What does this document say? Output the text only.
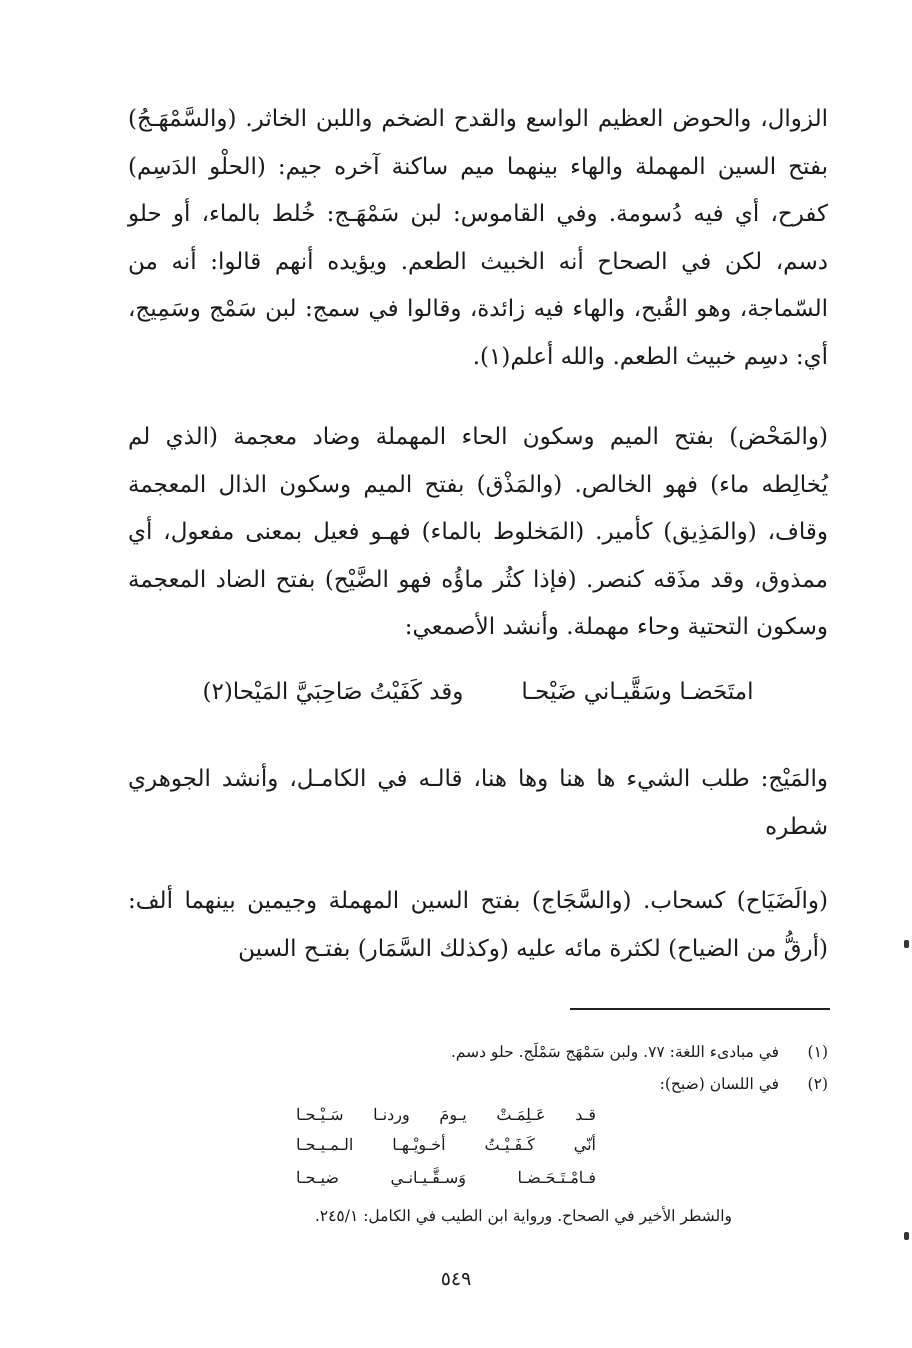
الزوال، والحوض العظيم الواسع والقدح الضخم واللبن الخاثر. (والسَّمْهَـجُ) بفتح السين المهملة والهاء بينهما ميم ساكنة آخره جيم: (الحلْو الدَسِم) كفرح، أي فيه دُسومة. وفي القاموس: لبن سَمْهَـج: خُلط بالماء، أو حلو دسم، لكن في الصحاح أنه الخبيث الطعم. ويؤيده أنهم قالوا: أنه من السّماجة، وهو القُبح، والهاء فيه زائدة، وقالوا في سمج: لبن سَمْج وسَمِيج، أي: دسِم خبيث الطعم. والله أعلم(١).

(والمَحْض) بفتح الميم وسكون الحاء المهملة وضاد معجمة (الذي لم يُخالِطه ماء) فهو الخالص. (والمَذْق) بفتح الميم وسكون الذال المعجمة وقاف، (والمَذِيق) كأمير. (المَخلوط بالماء) فهـو فعيل بمعنى مفعول، أي ممذوق، وقد مذَقه كنصر. (فإذا كثُر ماؤُه فهو الضَّيْح) بفتح الضاد المعجمة وسكون التحتية وحاء مهملة. وأنشد الأصمعي:

امتَحَضـا وسَقَّيـاني ضَيْحـا
وقد كَفَيْتُ صَاحِبَيَّ المَيْحا(٢)

والمَيْج: طلب الشيء ها هنا وها هنا، قالـه في الكامـل، وأنشد الجوهري شطره

(والَضَيَاح) كسحاب. (والسَّجَاج) بفتح السين المهملة وجيمين بينهما ألف: (أرقُّ من الضياح) لكثرة مائه عليه (وكذلك السَّمَار) بفتـح السين

(١) في مبادىء اللغة: ٧٧. ولبن سَمْهَج سَمْلَج. حلو دسم.
(٢) في اللسان (ضبح):
قـد عَـلِمَـتْ يـومَ وردنـا سَـيْـحـا
أنّي كَـفَـيْـتُ أخـويْـهـا الـمـيـحـا
فـامْـتَـحَـضـا وَسـقَّـيـانـي ضيـحـا
والشطر الأخير في الصحاح. ورواية ابن الطيب في الكامل: ٢٤٥/١.
٥٤٩
